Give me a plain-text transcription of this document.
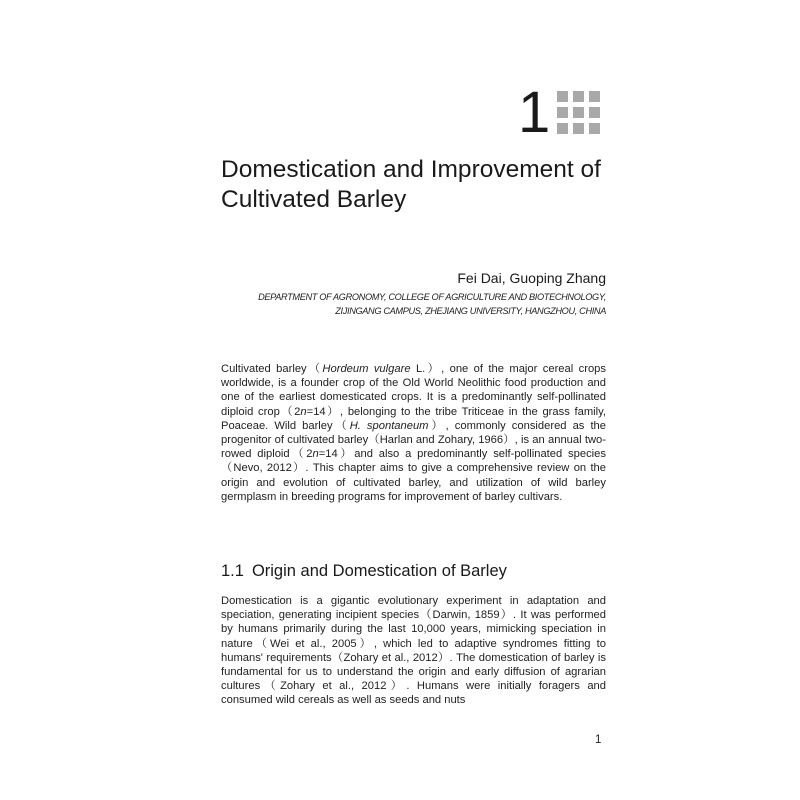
1
Domestication and Improvement of
Cultivated Barley
Fei Dai, Guoping Zhang
DEPARTMENT OF AGRONOMY, COLLEGE OF AGRICULTURE AND BIOTECHNOLOGY,
ZIJINGANG CAMPUS, ZHEJIANG UNIVERSITY, HANGZHOU, CHINA

Cultivated barley（Hordeum vulgare L.）, one of the major cereal crops worldwide, is a founder crop of the Old World Neolithic food production and one of the earliest domesticated crops. It is a predominantly self-pollinated diploid crop（2n=14）, belonging to the tribe Triticeae in the grass family, Poaceae. Wild barley（H. spontaneum）, commonly considered as the progenitor of cultivated barley（Harlan and Zohary, 1966）, is an annual two-rowed diploid（2n=14）and also a predominantly self-pollinated species（Nevo, 2012）. This chapter aims to give a comprehensive review on the origin and evolution of cultivated barley, and utilization of wild barley germplasm in breeding programs for improvement of barley cultivars.

1.1 Origin and Domestication of Barley

Domestication is a gigantic evolutionary experiment in adaptation and speciation, generating incipient species（Darwin, 1859）. It was performed by humans primarily during the last 10,000 years, mimicking speciation in nature（Wei et al., 2005）, which led to adaptive syndromes fitting to humans' requirements（Zohary et al., 2012）. The domestication of barley is fundamental for us to understand the origin and early diffusion of agrarian cultures（Zohary et al., 2012）. Humans were initially foragers and consumed wild cereals as well as seeds and nuts

1
